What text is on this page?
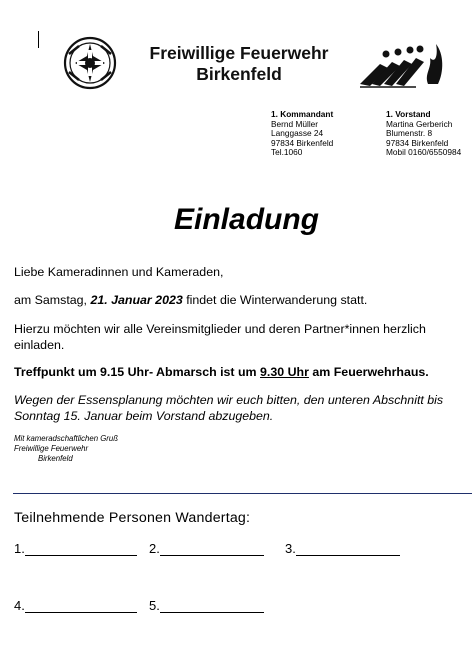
Freiwillige Feuerwehr
Birkenfeld
1. Kommandant
Bernd Müller
Langgasse 24
97834 Birkenfeld
Tel.1060
1. Vorstand
Martina Gerberich
Blumenstr. 8
97834 Birkenfeld
Mobil 0160/6550984
Einladung
Liebe Kameradinnen und Kameraden,
am Samstag, 21. Januar 2023 findet die Winterwanderung statt.
Hierzu möchten wir alle Vereinsmitglieder und deren Partner*innen herzlich einladen.
Treffpunkt um 9.15 Uhr- Abmarsch ist um 9.30 Uhr am Feuerwehrhaus.
Wegen der Essensplanung möchten wir euch bitten, den unteren Abschnitt bis Sonntag 15. Januar beim Vorstand abzugeben.
Mit kameradschaftlichen Gruß
Freiwillige Feuerwehr
Birkenfeld
Teilnehmende Personen Wandertag:
1.	2.	3.
4.	5.
